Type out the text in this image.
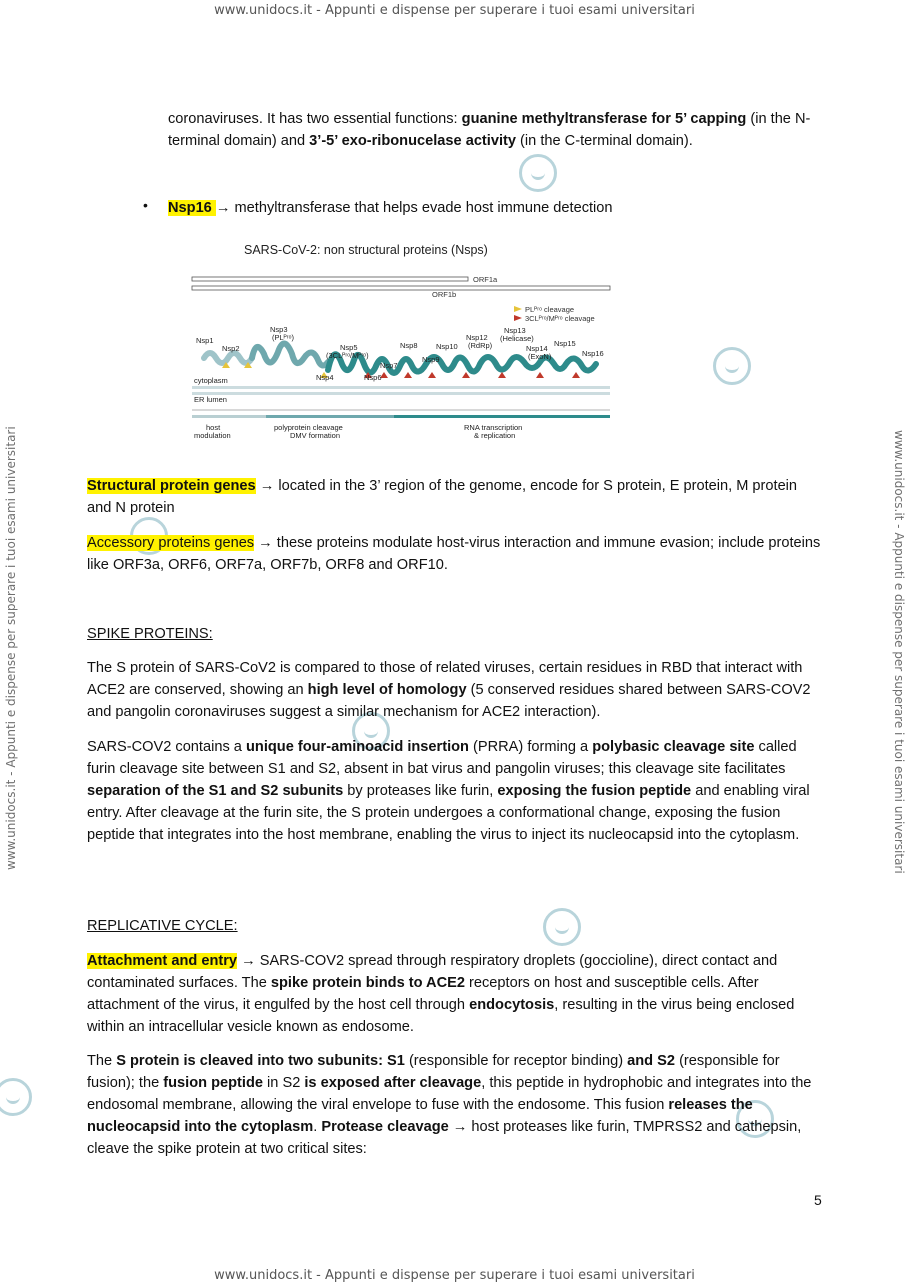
www.unidocs.it - Appunti e dispense per superare i tuoi esami universitari
www.unidocs.it - Appunti e dispense per superare i tuoi esami universitari
www.unidocs.it - Appunti e dispense per superare i tuoi esami universitari	www.unidocs.it - Appunti e dispense per superare i tuoi esami universitari

coronaviruses. It has two essential functions: guanine methyltransferase for 5’ capping (in the N-terminal domain) and 3’-5’ exo-ribonucelase activity (in the C-terminal domain).

• Nsp16 → methyltransferase that helps evade host immune detection
SARS-CoV-2: non structural proteins (Nsps)
ORF1a
ORF1b
PLᴾʳᵒ cleavage
3CLᴾʳᵒ/Mᴾʳᵒ cleavage
Nsp1
Nsp2
Nsp3
(PLᴾʳᵒ)
Nsp4
Nsp5
(3CLᴾʳᵒ/Mᴾʳᵒ)
Nsp6
Nsp7
Nsp8
Nsp9
Nsp10
Nsp12
(RdRp)
Nsp13
(Helicase)
Nsp14
(ExoN)
Nsp15
Nsp16
cytoplasm
ER lumen
host
modulation
polyprotein cleavage
DMV formation
RNA transcription
& replication

Structural protein genes → located in the 3’ region of the genome, encode for S protein, E protein, M protein and N protein

Accessory proteins genes → these proteins modulate host-virus interaction and immune evasion; include proteins like ORF3a, ORF6, ORF7a, ORF7b, ORF8 and ORF10.

SPIKE PROTEINS:

The S protein of SARS-CoV2 is compared to those of related viruses, certain residues in RBD that interact with ACE2 are conserved, showing an high level of homology (5 conserved residues shared between SARS-COV2 and pangolin coronaviruses suggest a similar mechanism for ACE2 interaction).

SARS-COV2 contains a unique four-aminoacid insertion (PRRA) forming a polybasic cleavage site called furin cleavage site between S1 and S2, absent in bat virus and pangolin viruses; this cleavage site facilitates separation of the S1 and S2 subunits by proteases like furin, exposing the fusion peptide and enabling viral entry. After cleavage at the furin site, the S protein undergoes a conformational change, exposing the fusion peptide that integrates into the host membrane, enabling the virus to inject its nucleocapsid into the cytoplasm.

REPLICATIVE CYCLE:

Attachment and entry → SARS-COV2 spread through respiratory droplets (goccioline), direct contact and contaminated surfaces. The spike protein binds to ACE2 receptors on host and susceptible cells. After attachment of the virus, it engulfed by the host cell through endocytosis, resulting in the virus being enclosed within an intracellular vesicle known as endosome.

The S protein is cleaved into two subunits: S1 (responsible for receptor binding) and S2 (responsible for fusion); the fusion peptide in S2 is exposed after cleavage, this peptide in hydrophobic and integrates into the endosomal membrane, allowing the viral envelope to fuse with the endosome. This fusion releases the nucleocapsid into the cytoplasm. Protease cleavage → host proteases like furin, TMPRSS2 and cathepsin, cleave the spike protein at two critical sites:

5
